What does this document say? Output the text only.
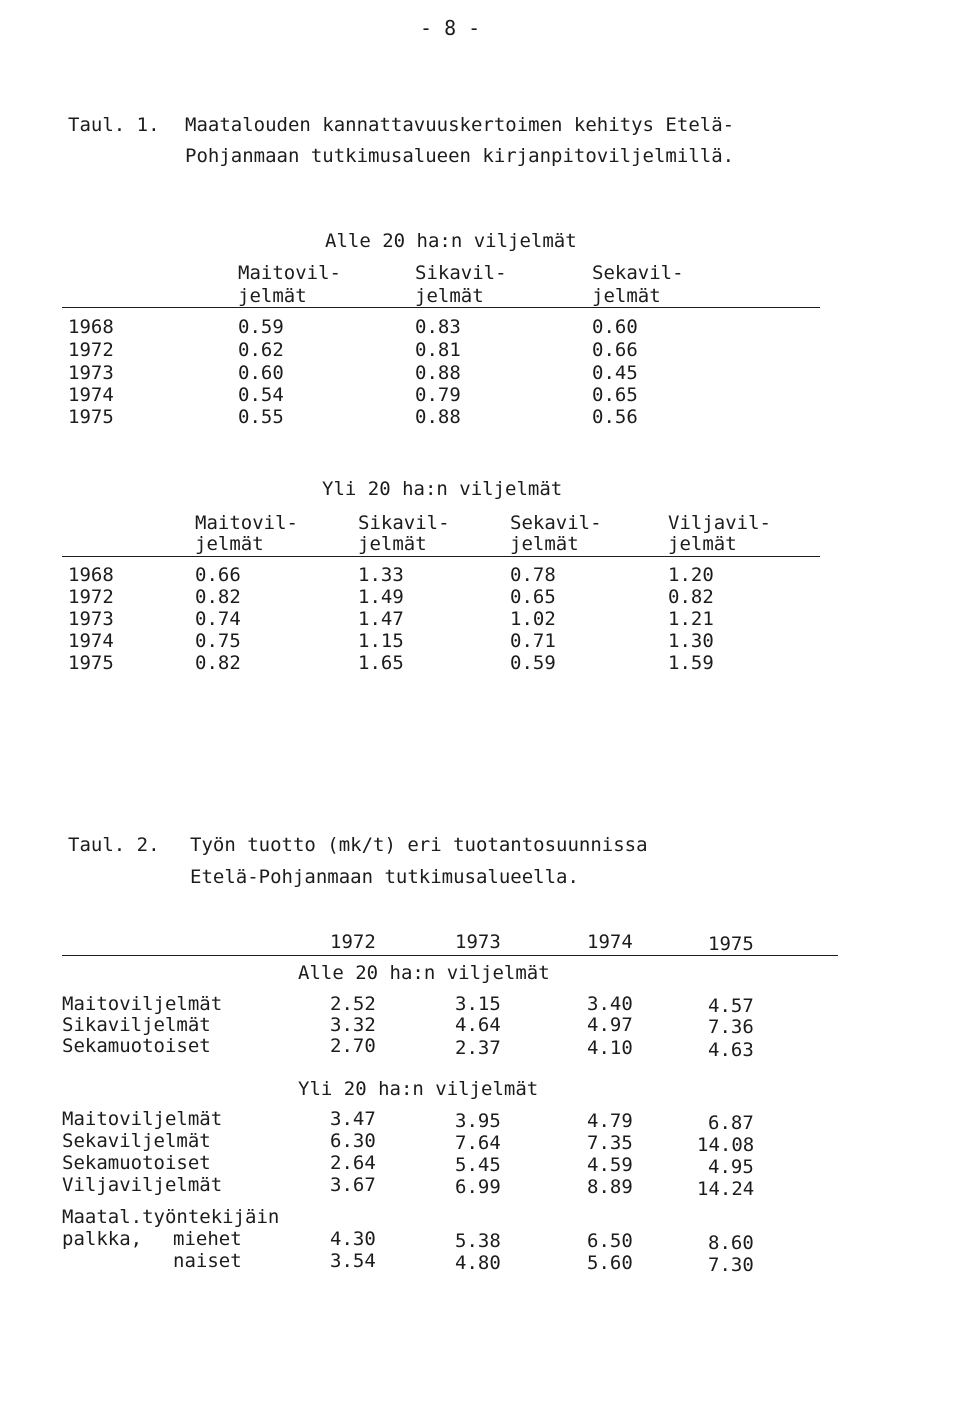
- 8 -
Taul. 1. Maatalouden kannattavuuskertoimen kehitys Etelä-
Pohjanmaan tutkimusalueen kirjanpitoviljelmillä.
Alle 20 ha:n viljelmät
Maitovil-	Sikavil-	Sekavil-
jelmät	jelmät	jelmät
1968	0.59	0.83	0.60
1972	0.62	0.81	0.66
1973	0.60	0.88	0.45
1974	0.54	0.79	0.65
1975	0.55	0.88	0.56
Yli 20 ha:n viljelmät
Maitovil-	Sikavil-	Sekavil-	Viljavil-
jelmät	jelmät	jelmät	jelmät
1968	0.66	1.33	0.78	1.20
1972	0.82	1.49	0.65	0.82
1973	0.74	1.47	1.02	1.21
1974	0.75	1.15	0.71	1.30
1975	0.82	1.65	0.59	1.59
Taul. 2. Työn tuotto (mk/t) eri tuotantosuunnissa
Etelä-Pohjanmaan tutkimusalueella.
1972	1973	1974	1975
Alle 20 ha:n viljelmät
Maitoviljelmät	2.52	3.15	3.40	4.57
Sikaviljelmät	3.32	4.64	4.97	7.36
Sekamuotoiset	2.70	2.37	4.10	4.63
Yli 20 ha:n viljelmät
Maitoviljelmät	3.47	3.95	4.79	6.87
Sekaviljelmät	6.30	7.64	7.35	14.08
Sekamuotoiset	2.64	5.45	4.59	4.95
Viljaviljelmät	3.67	6.99	8.89	14.24
Maatal.työntekijäin
palkka, miehet	4.30	5.38	6.50	8.60
naiset	3.54	4.80	5.60	7.30
